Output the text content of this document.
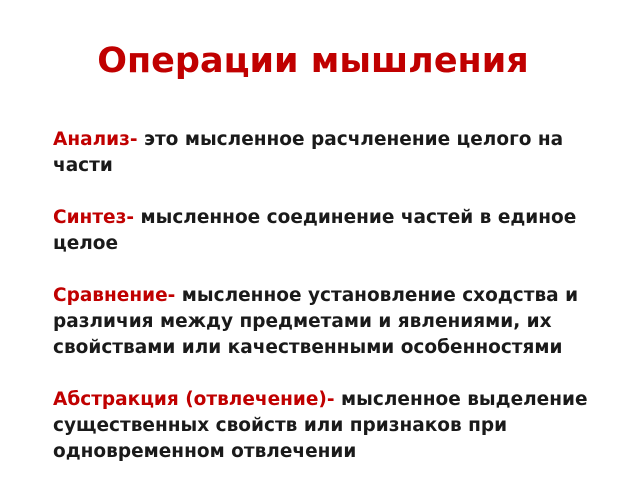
Операции мышления

Анализ- это мысленное расчленение целого на части

Синтез- мысленное соединение частей в единое целое

Сравнение- мысленное установление сходства и различия между предметами и явлениями, их свойствами или качественными особенностями

Абстракция (отвлечение)- мысленное выделение существенных свойств или признаков при одновременном отвлечении
